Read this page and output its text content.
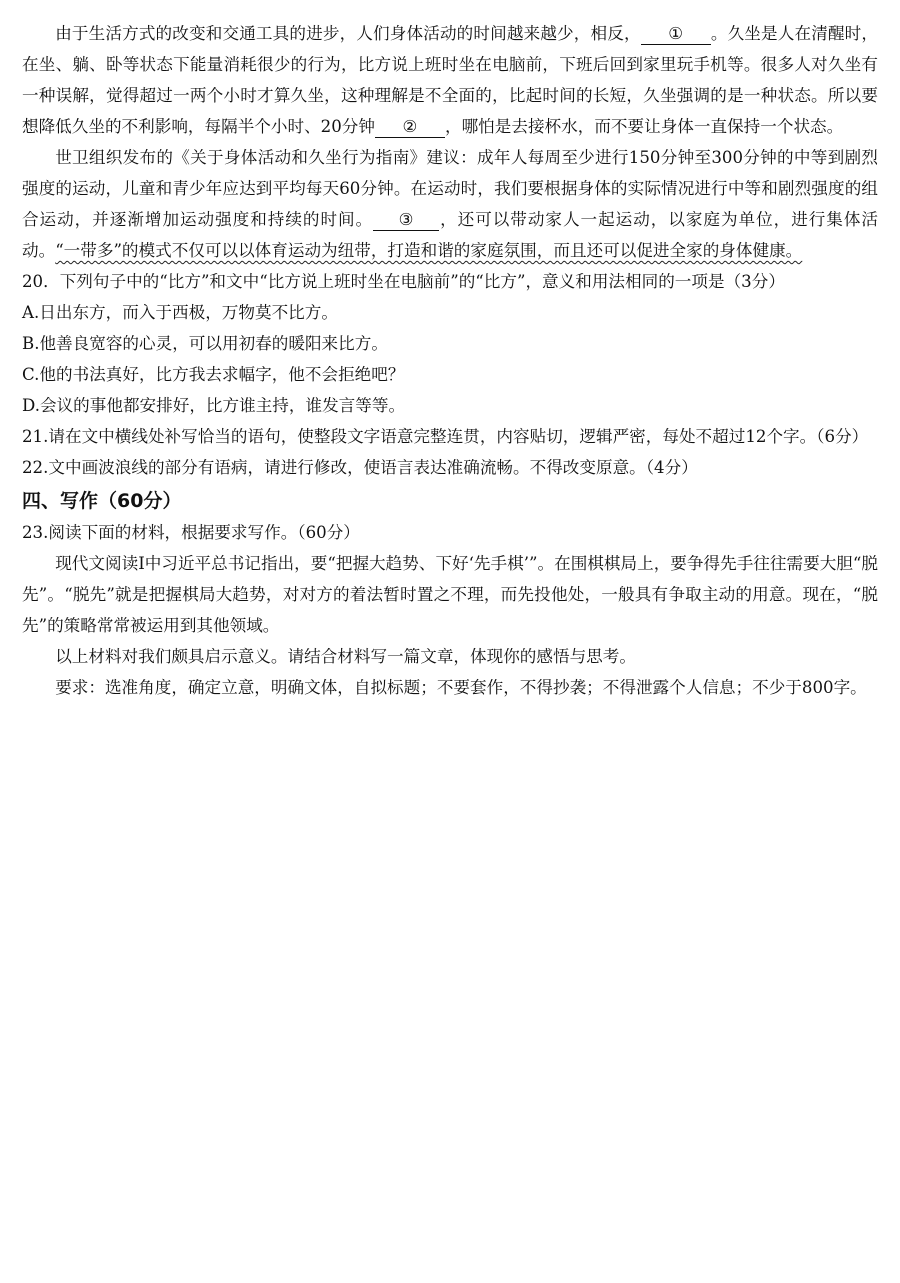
由于生活方式的改变和交通工具的进步，人们身体活动的时间越来越少，相反， ① 。久坐是人在清醒时，在坐、躺、卧等状态下能量消耗很少的行为，比方说上班时坐在电脑前，下班后回到家里玩手机等。很多人对久坐有一种误解，觉得超过一两个小时才算久坐，这种理解是不全面的，比起时间的长短，久坐强调的是一种状态。所以要想降低久坐的不利影响，每隔半个小时、20分钟 ② ，哪怕是去接杯水，而不要让身体一直保持一个状态。

世卫组织发布的《关于身体活动和久坐行为指南》建议：成年人每周至少进行150分钟至300分钟的中等到剧烈强度的运动，儿童和青少年应达到平均每天60分钟。在运动时，我们要根据身体的实际情况进行中等和剧烈强度的组合运动，并逐渐增加运动强度和持续的时间。 ③ ，还可以带动家人一起运动，以家庭为单位，进行集体活动。“一带多”的模式不仅可以以体育运动为纽带，打造和谐的家庭氛围，而且还可以促进全家的身体健康。

20．下列句子中的“比方”和文中“比方说上班时坐在电脑前”的“比方”，意义和用法相同的一项是（3分）

A.日出东方，而入于西极，万物莫不比方。

B.他善良宽容的心灵，可以用初春的暖阳来比方。

C.他的书法真好，比方我去求幅字，他不会拒绝吧？

D.会议的事他都安排好，比方谁主持，谁发言等等。

21.请在文中横线处补写恰当的语句，使整段文字语意完整连贯，内容贴切，逻辑严密，每处不超过12个字。（6分）

22.文中画波浪线的部分有语病，请进行修改，使语言表达准确流畅。不得改变原意。（4分）

四、写作（60分）

23.阅读下面的材料，根据要求写作。（60分）

现代文阅读Ⅰ中习近平总书记指出，要“把握大趋势、下好‘先手棋’”。在围棋棋局上，要争得先手往往需要大胆“脱先”。“脱先”就是把握棋局大趋势，对对方的着法暂时置之不理，而先投他处，一般具有争取主动的用意。现在，“脱先”的策略常常被运用到其他领域。

以上材料对我们颇具启示意义。请结合材料写一篇文章，体现你的感悟与思考。

要求：选准角度，确定立意，明确文体，自拟标题；不要套作，不得抄袭；不得泄露个人信息；不少于800字。
